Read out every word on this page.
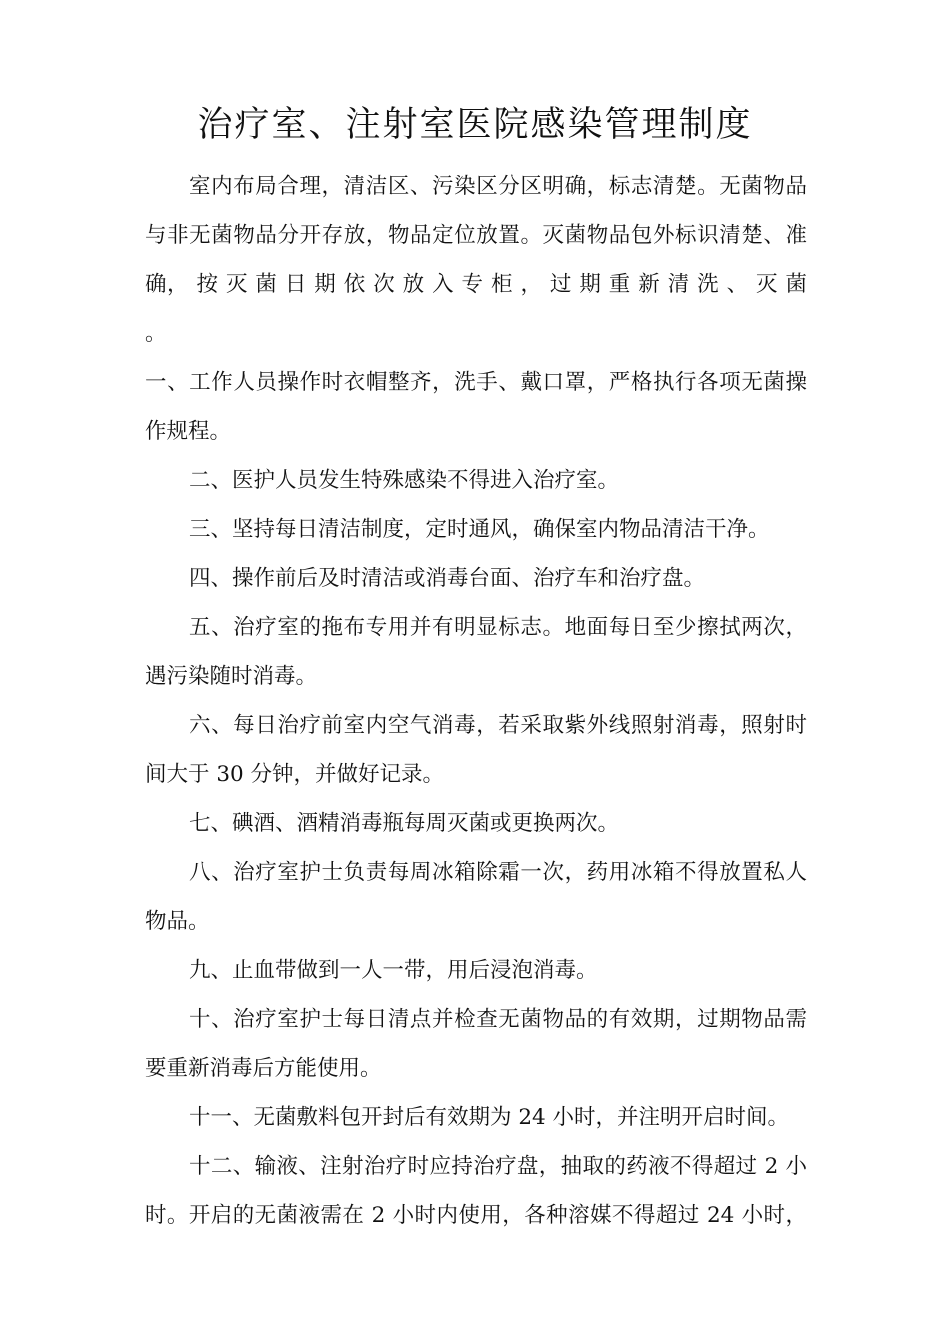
治疗室、注射室医院感染管理制度
室内布局合理，清洁区、污染区分区明确，标志清楚。无菌物品
与非无菌物品分开存放，物品定位放置。灭菌物品包外标识清楚、准
确， 按 灭 菌 日 期 依 次 放 入 专 柜 ， 过 期 重 新 清 洗 、 灭 菌 。
一、工作人员操作时衣帽整齐，洗手、戴口罩，严格执行各项无菌操
作规程。
二、医护人员发生特殊感染不得进入治疗室。
三、坚持每日清洁制度，定时通风，确保室内物品清洁干净。
四、操作前后及时清洁或消毒台面、治疗车和治疗盘。
五、治疗室的拖布专用并有明显标志。地面每日至少擦拭两次，
遇污染随时消毒。
六、每日治疗前室内空气消毒，若采取紫外线照射消毒，照射时
间大于 30 分钟，并做好记录。
七、碘酒、酒精消毒瓶每周灭菌或更换两次。
八、治疗室护士负责每周冰箱除霜一次，药用冰箱不得放置私人
物品。
九、止血带做到一人一带，用后浸泡消毒。
十、治疗室护士每日清点并检查无菌物品的有效期，过期物品需
要重新消毒后方能使用。
十一、无菌敷料包开封后有效期为 24 小时，并注明开启时间。
十二、输液、注射治疗时应持治疗盘，抽取的药液不得超过 2 小
时。开启的无菌液需在 2 小时内使用，各种溶媒不得超过 24 小时，
